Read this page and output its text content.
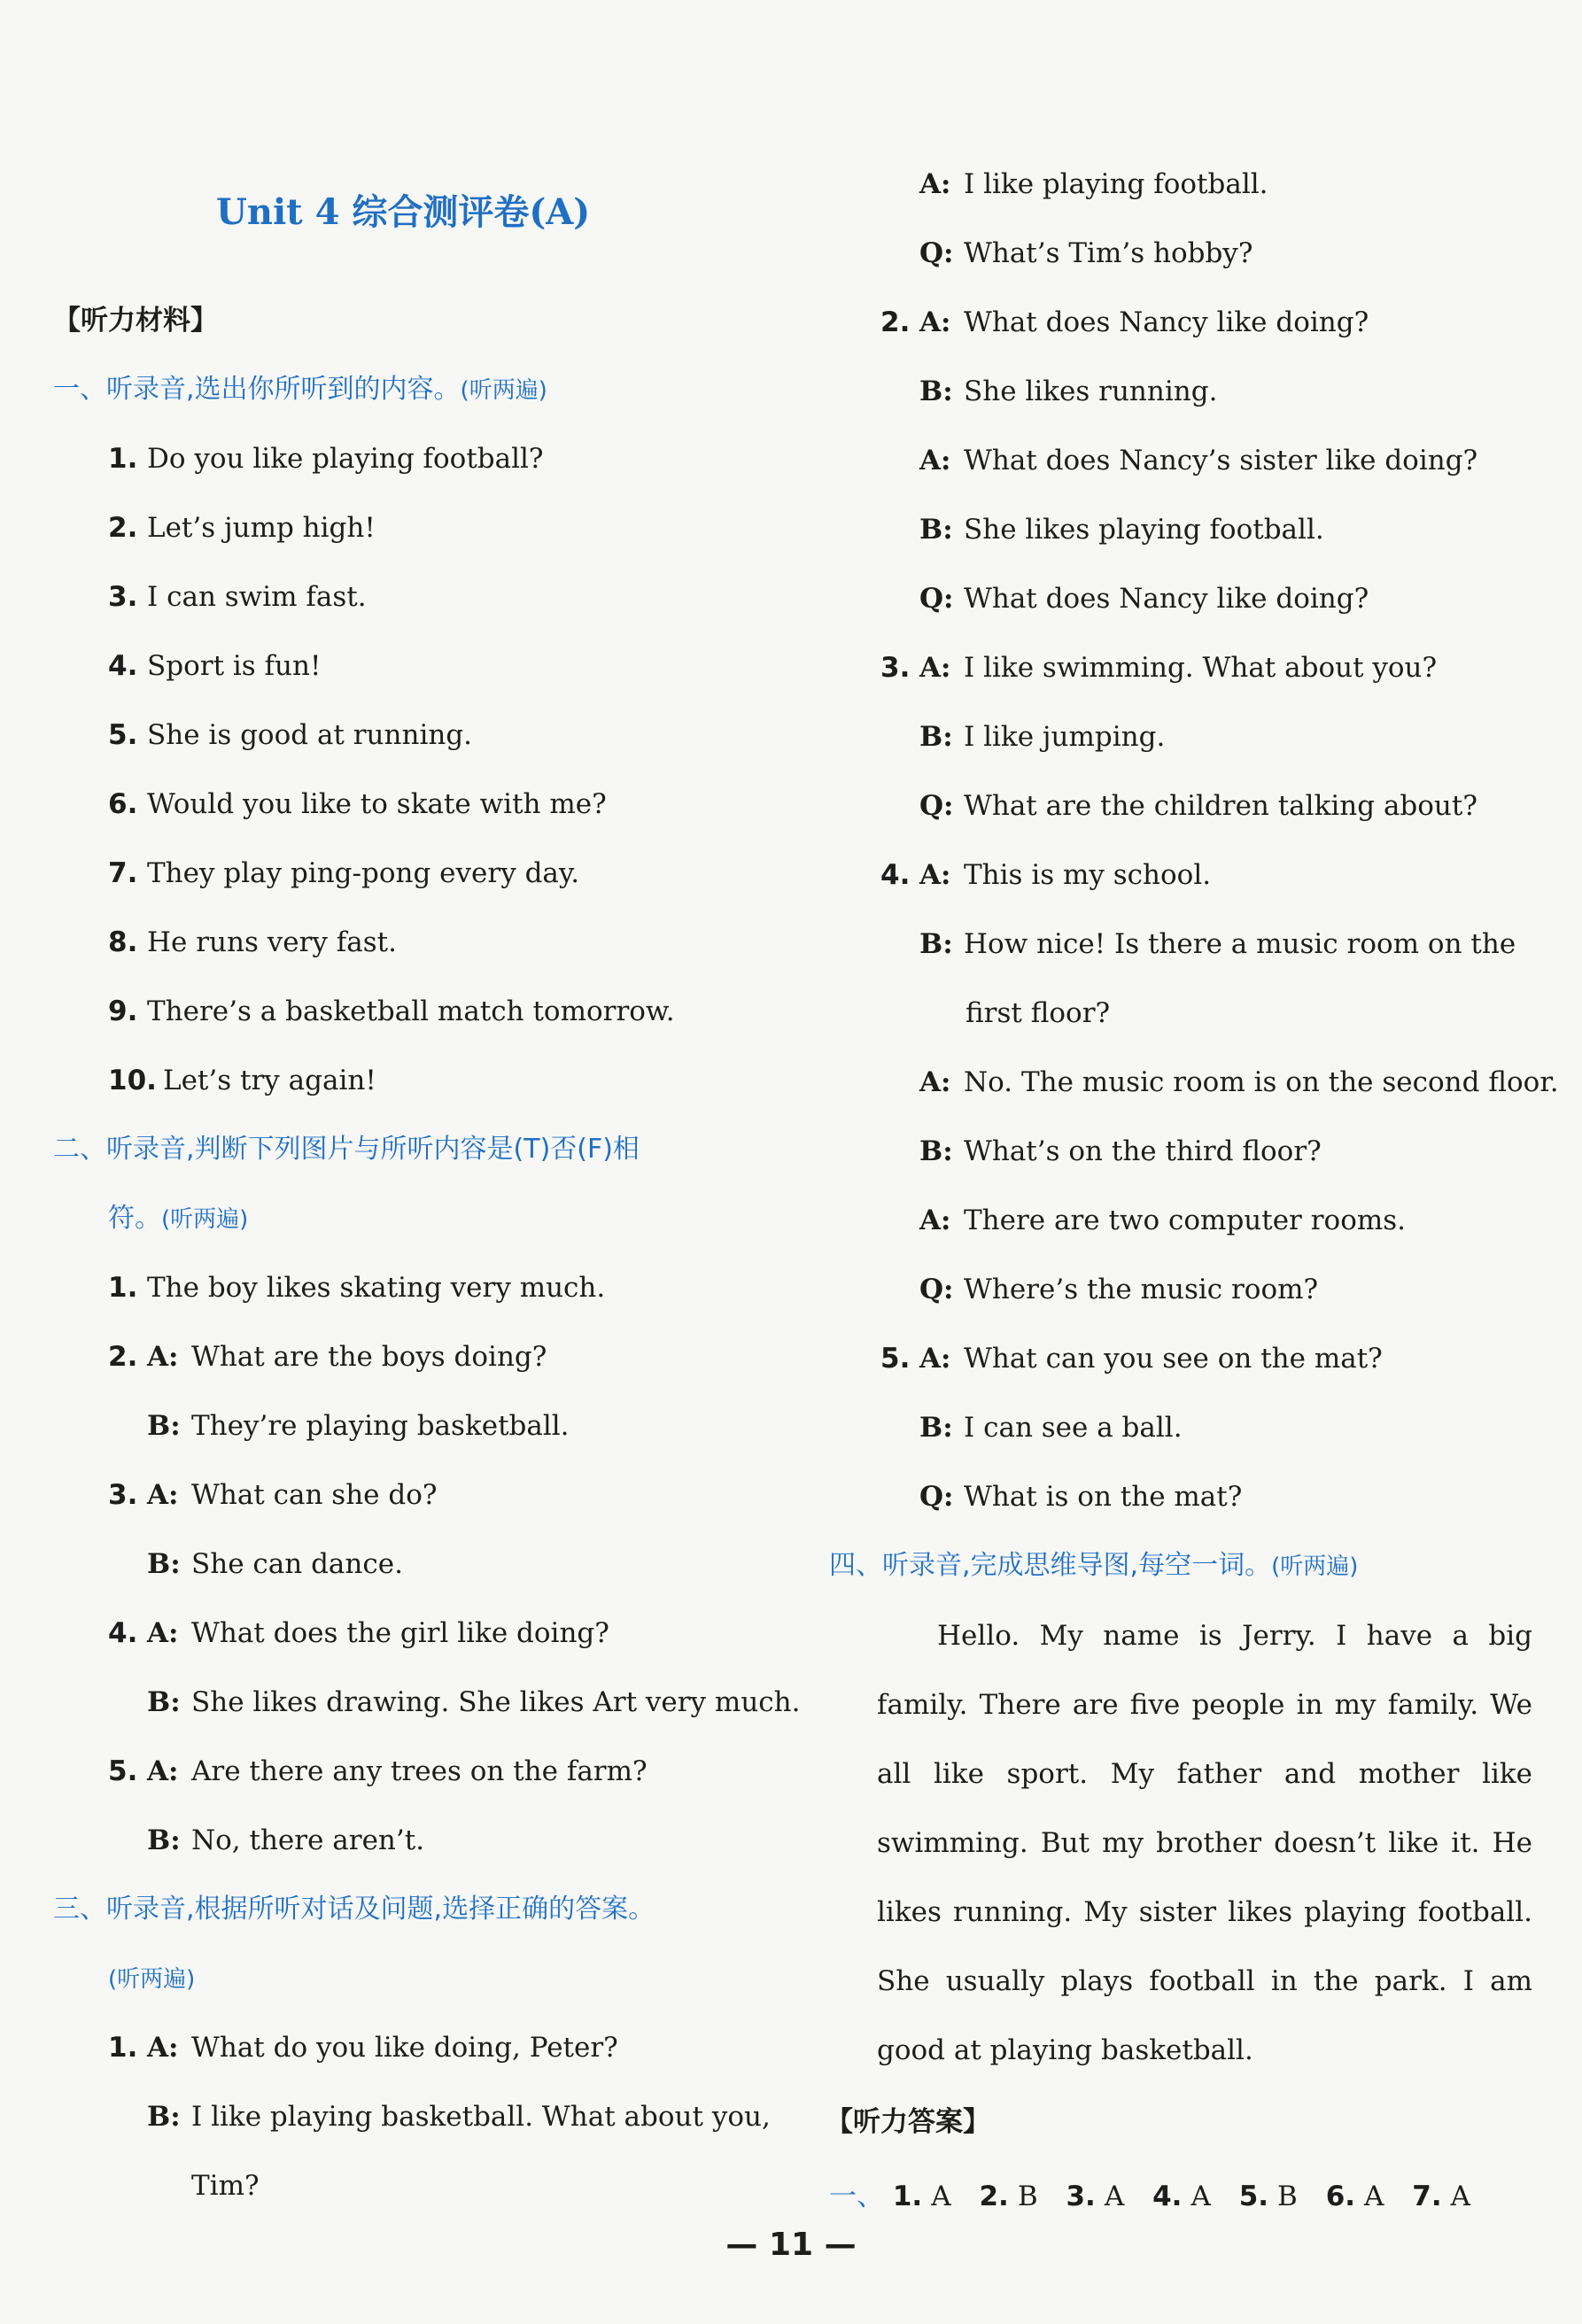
Unit 4 综合测评卷(A)
【听力材料】
一、听录音,选出你所听到的内容。(听两遍)
1. Do you like playing football?
2. Let’s jump high!
3. I can swim fast.
4. Sport is fun!
5. She is good at running.
6. Would you like to skate with me?
7. They play ping-pong every day.
8. He runs very fast.
9. There’s a basketball match tomorrow.
10. Let’s try again!
二、听录音,判断下列图片与所听内容是(T)否(F)相
符。(听两遍)
1. The boy likes skating very much.
2. A: What are the boys doing?
B: They’re playing basketball.
3. A: What can she do?
B: She can dance.
4. A: What does the girl like doing?
B: She likes drawing. She likes Art very much.
5. A: Are there any trees on the farm?
B: No, there aren’t.
三、听录音,根据所听对话及问题,选择正确的答案。
(听两遍)
1. A: What do you like doing, Peter?
B: I like playing basketball. What about you,
Tim?
A: I like playing football.
Q: What’s Tim’s hobby?
2. A: What does Nancy like doing?
B: She likes running.
A: What does Nancy’s sister like doing?
B: She likes playing football.
Q: What does Nancy like doing?
3. A: I like swimming. What about you?
B: I like jumping.
Q: What are the children talking about?
4. A: This is my school.
B: How nice! Is there a music room on the
first floor?
A: No. The music room is on the second floor.
B: What’s on the third floor?
A: There are two computer rooms.
Q: Where’s the music room?
5. A: What can you see on the mat?
B: I can see a ball.
Q: What is on the mat?
四、听录音,完成思维导图,每空一词。(听两遍)
Hello. My name is Jerry. I have a big family. There are five people in my family. We all like sport. My father and mother like swimming. But my brother doesn’t like it. He likes running. My sister likes playing football. She usually plays football in the park. I am good at playing basketball.
【听力答案】
一、 1. A 2. B 3. A 4. A 5. B 6. A 7. A
— 11 —
